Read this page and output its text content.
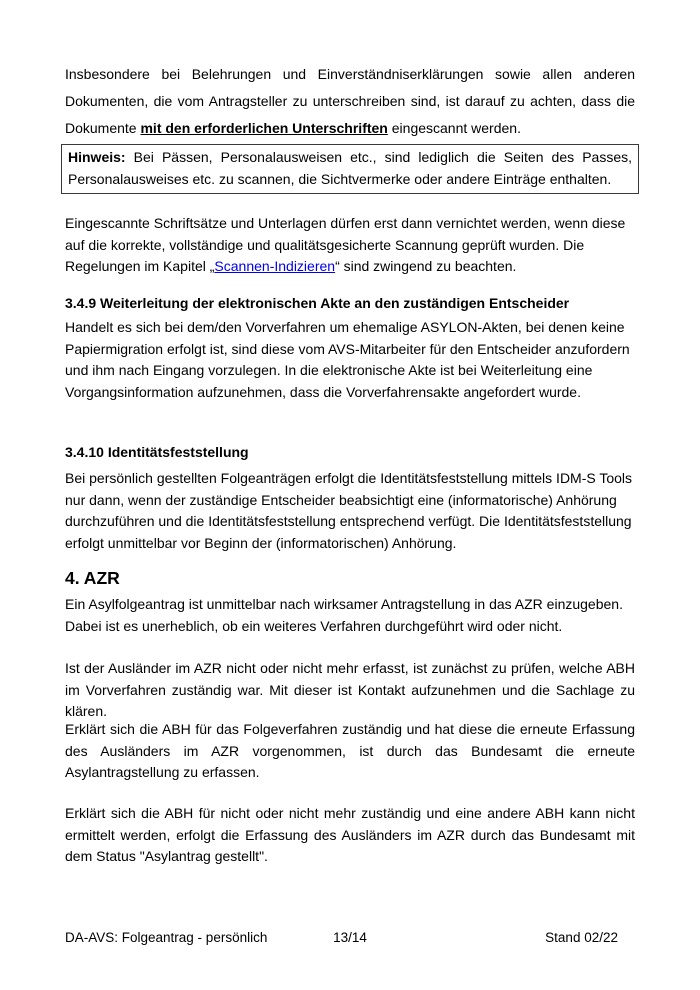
Insbesondere bei Belehrungen und Einverständniserklärungen sowie allen anderen Dokumenten, die vom Antragsteller zu unterschreiben sind, ist darauf zu achten, dass die Dokumente mit den erforderlichen Unterschriften eingescannt werden.

Hinweis: Bei Pässen, Personalausweisen etc., sind lediglich die Seiten des Passes, Personalausweises etc. zu scannen, die Sichtvermerke oder andere Einträge enthalten.

Eingescannte Schriftsätze und Unterlagen dürfen erst dann vernichtet werden, wenn diese auf die korrekte, vollständige und qualitätsgesicherte Scannung geprüft wurden. Die Regelungen im Kapitel „Scannen-Indizieren“ sind zwingend zu beachten.

3.4.9 Weiterleitung der elektronischen Akte an den zuständigen Entscheider

Handelt es sich bei dem/den Vorverfahren um ehemalige ASYLON-Akten, bei denen keine Papiermigration erfolgt ist, sind diese vom AVS-Mitarbeiter für den Entscheider anzufordern und ihm nach Eingang vorzulegen. In die elektronische Akte ist bei Weiterleitung eine Vorgangsinformation aufzunehmen, dass die Vorverfahrensakte angefordert wurde.

3.4.10 Identitätsfeststellung

Bei persönlich gestellten Folgeanträgen erfolgt die Identitätsfeststellung mittels IDM-S Tools nur dann, wenn der zuständige Entscheider beabsichtigt eine (informatorische) Anhörung durchzuführen und die Identitätsfeststellung entsprechend verfügt. Die Identitätsfeststellung erfolgt unmittelbar vor Beginn der (informatorischen) Anhörung.

4. AZR

Ein Asylfolgeantrag ist unmittelbar nach wirksamer Antragstellung in das AZR einzugeben. Dabei ist es unerheblich, ob ein weiteres Verfahren durchgeführt wird oder nicht.

Ist der Ausländer im AZR nicht oder nicht mehr erfasst, ist zunächst zu prüfen, welche ABH im Vorverfahren zuständig war. Mit dieser ist Kontakt aufzunehmen und die Sachlage zu klären.

Erklärt sich die ABH für das Folgeverfahren zuständig und hat diese die erneute Erfassung des Ausländers im AZR vorgenommen, ist durch das Bundesamt die erneute Asylantragstellung zu erfassen.

Erklärt sich die ABH für nicht oder nicht mehr zuständig und eine andere ABH kann nicht ermittelt werden, erfolgt die Erfassung des Ausländers im AZR durch das Bundesamt mit dem Status "Asylantrag gestellt".

DA-AVS: Folgeantrag - persönlich	13/14	Stand 02/22
